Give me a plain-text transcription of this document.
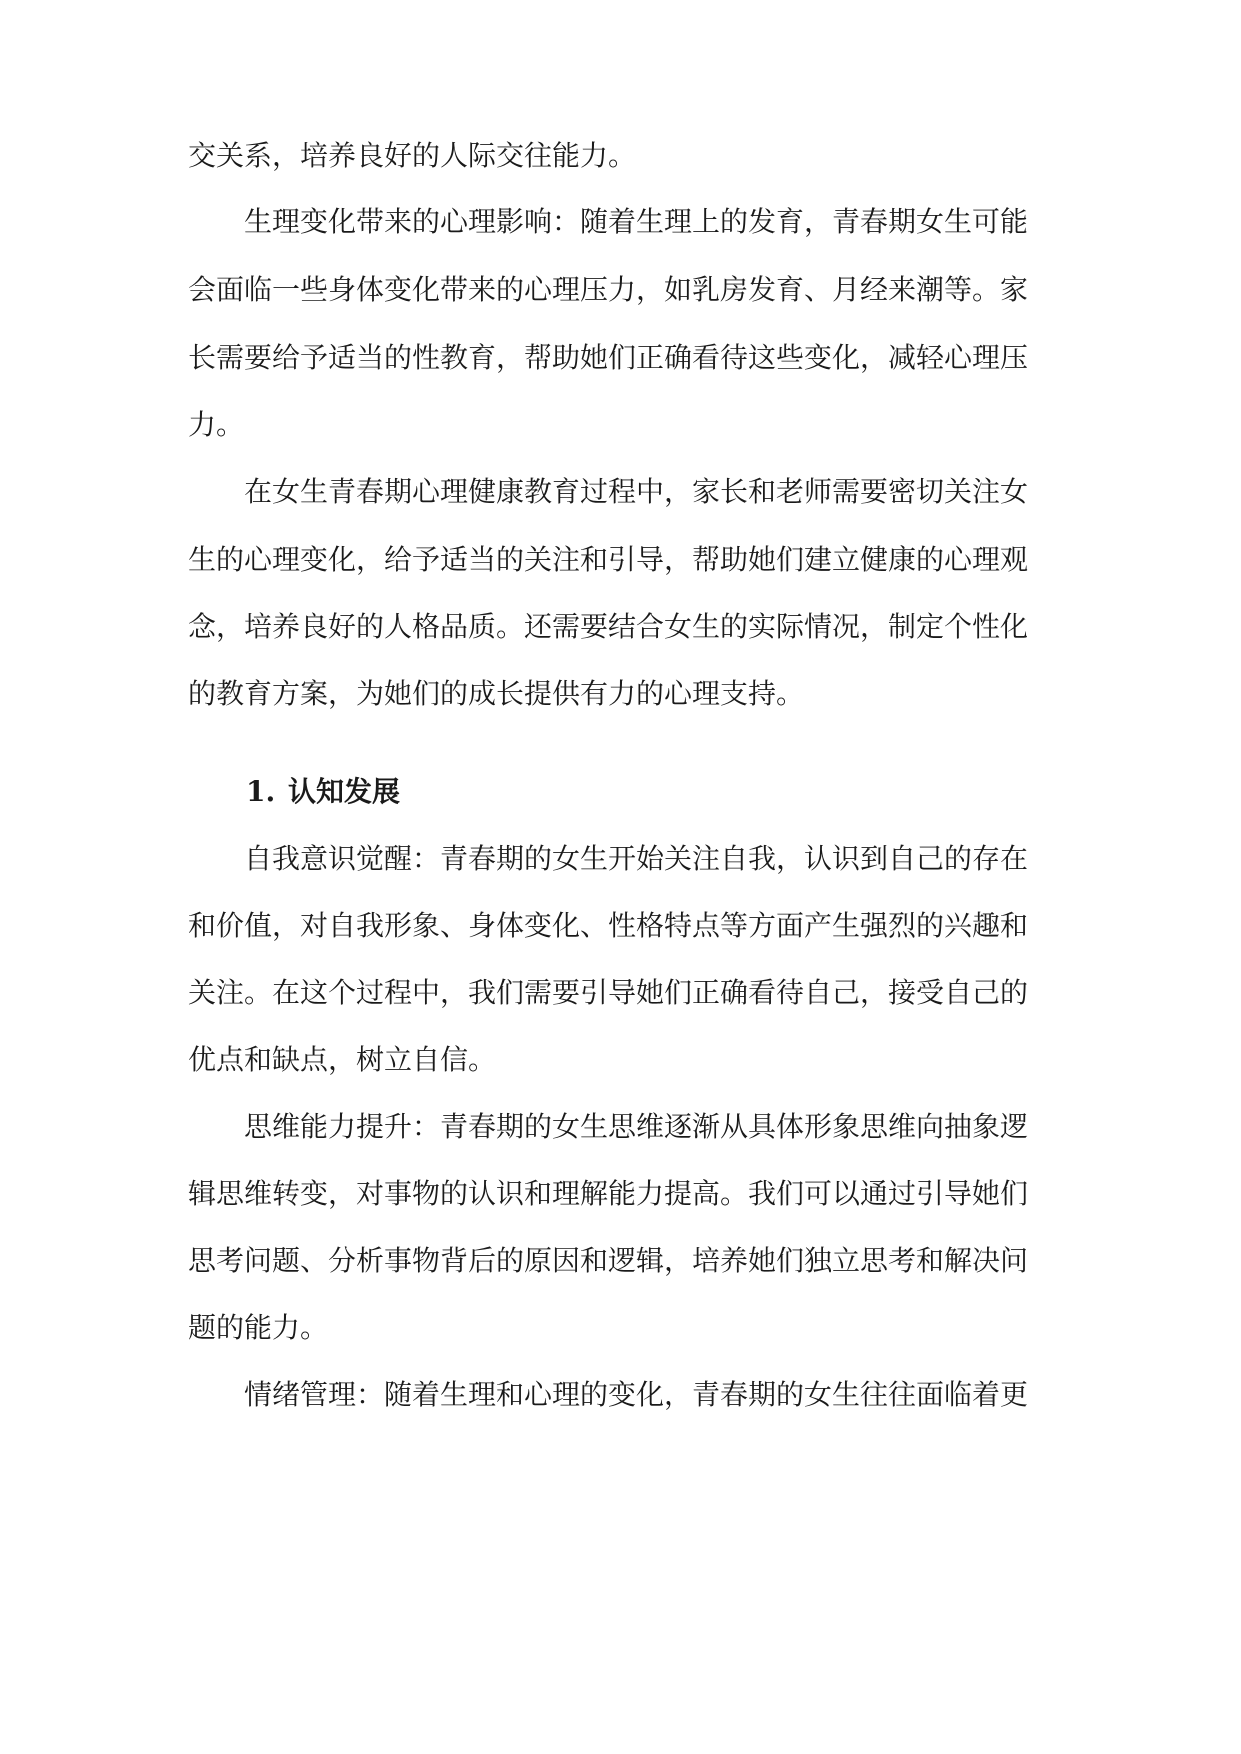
交关系，培养良好的人际交往能力。
　　生理变化带来的心理影响：随着生理上的发育，青春期女生可能
会面临一些身体变化带来的心理压力，如乳房发育、月经来潮等。家
长需要给予适当的性教育，帮助她们正确看待这些变化，减轻心理压
力。
　　在女生青春期心理健康教育过程中，家长和老师需要密切关注女
生的心理变化，给予适当的关注和引导，帮助她们建立健康的心理观
念，培养良好的人格品质。还需要结合女生的实际情况，制定个性化
的教育方案，为她们的成长提供有力的心理支持。
1. 认知发展
　　自我意识觉醒：青春期的女生开始关注自我，认识到自己的存在
和价值，对自我形象、身体变化、性格特点等方面产生强烈的兴趣和
关注。在这个过程中，我们需要引导她们正确看待自己，接受自己的
优点和缺点，树立自信。
　　思维能力提升：青春期的女生思维逐渐从具体形象思维向抽象逻
辑思维转变，对事物的认识和理解能力提高。我们可以通过引导她们
思考问题、分析事物背后的原因和逻辑，培养她们独立思考和解决问
题的能力。
　　情绪管理：随着生理和心理的变化，青春期的女生往往面临着更
